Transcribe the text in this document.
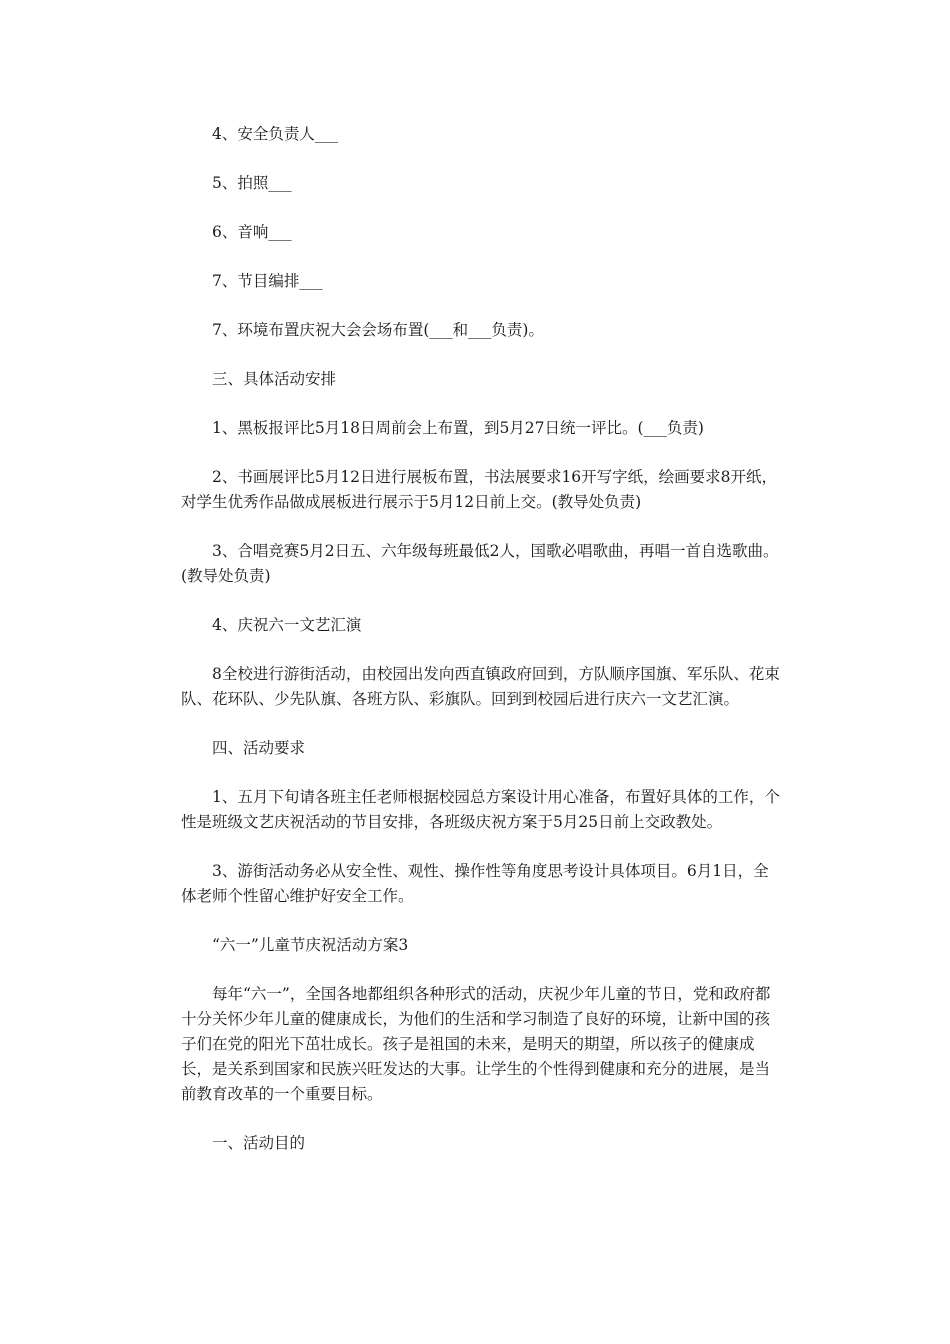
4、安全负责人___

5、拍照___

6、音响___

7、节目编排___

7、环境布置庆祝大会会场布置(___和___负责)。

三、具体活动安排

1、黑板报评比5月18日周前会上布置，到5月27日统一评比。(___负责)

2、书画展评比5月12日进行展板布置，书法展要求16开写字纸，绘画要求8开纸，对学生优秀作品做成展板进行展示于5月12日前上交。(教导处负责)

3、合唱竞赛5月2日五、六年级每班最低2人，国歌必唱歌曲，再唱一首自选歌曲。(教导处负责)

4、庆祝六一文艺汇演

8全校进行游街活动，由校园出发向西直镇政府回到，方队顺序国旗、军乐队、花束队、花环队、少先队旗、各班方队、彩旗队。回到到校园后进行庆六一文艺汇演。

四、活动要求

1、五月下旬请各班主任老师根据校园总方案设计用心准备，布置好具体的工作，个性是班级文艺庆祝活动的节目安排，各班级庆祝方案于5月25日前上交政教处。

3、游街活动务必从安全性、观性、操作性等角度思考设计具体项目。6月1日，全体老师个性留心维护好安全工作。

“六一”儿童节庆祝活动方案3

每年“六一”，全国各地都组织各种形式的活动，庆祝少年儿童的节日，党和政府都十分关怀少年儿童的健康成长，为他们的生活和学习制造了良好的环境，让新中国的孩子们在党的阳光下茁壮成长。孩子是祖国的未来，是明天的期望，所以孩子的健康成长，是关系到国家和民族兴旺发达的大事。让学生的个性得到健康和充分的进展，是当前教育改革的一个重要目标。

一、活动目的
